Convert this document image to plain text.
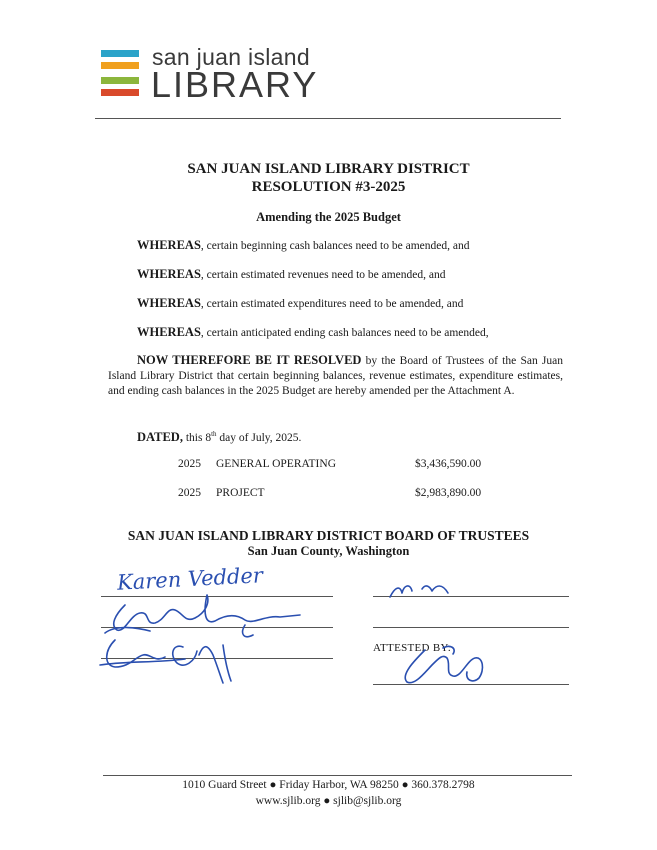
san juan island
LIBRARY
SAN JUAN ISLAND LIBRARY DISTRICT
RESOLUTION #3-2025
Amending the 2025 Budget
WHEREAS, certain beginning cash balances need to be amended, and
WHEREAS, certain estimated revenues need to be amended, and
WHEREAS, certain estimated expenditures need to be amended, and
WHEREAS, certain anticipated ending cash balances need to be amended,
NOW THEREFORE BE IT RESOLVED by the Board of Trustees of the San Juan Island Library District that certain beginning balances, revenue estimates, expenditure estimates, and ending cash balances in the 2025 Budget are hereby amended per the Attachment A.
DATED, this 8th day of July, 2025.
2025 GENERAL OPERATING	$3,436,590.00
2025 PROJECT	$2,983,890.00
SAN JUAN ISLAND LIBRARY DISTRICT BOARD OF TRUSTEES
San Juan County, Washington
Karen Vedder
ATTESTED BY:
1010 Guard Street ● Friday Harbor, WA 98250 ● 360.378.2798
www.sjlib.org ● sjlib@sjlib.org
